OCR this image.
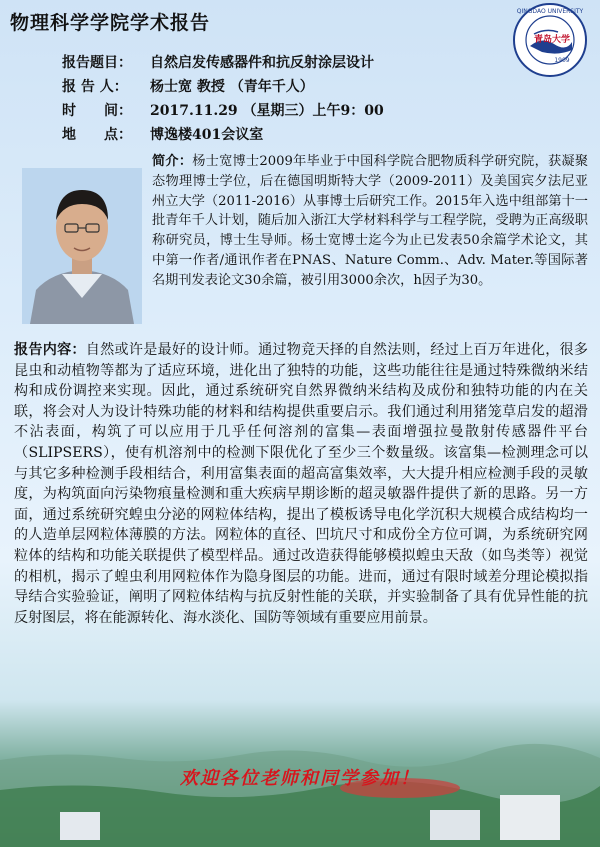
物理科学学院学术报告
QINGDAO UNIVERSITY
青岛大学
1909
报告题目： 自然启发传感器件和抗反射涂层设计
报 告 人： 杨士宽 教授 （青年千人）
时　　间： 2017.11.29 （星期三）上午9：00
地　　点： 博逸楼401会议室
简介：杨士宽博士2009年毕业于中国科学院合肥物质科学研究院，获凝聚态物理博士学位，后在德国明斯特大学（2009-2011）及美国宾夕法尼亚州立大学（2011-2016）从事博士后研究工作。2015年入选中组部第十一批青年千人计划，随后加入浙江大学材料科学与工程学院，受聘为正高级职称研究员，博士生导师。杨士宽博士迄今为止已发表50余篇学术论文，其中第一作者/通讯作者在PNAS、Nature Comm.、Adv. Mater.等国际著名期刊发表论文30余篇，被引用3000余次，h因子为30。
报告内容：自然或许是最好的设计师。通过物竞天择的自然法则，经过上百万年进化，很多昆虫和动植物等都为了适应环境，进化出了独特的功能，这些功能往往是通过特殊微纳米结构和成份调控来实现。因此，通过系统研究自然界微纳米结构及成份和独特功能的内在关联，将会对人为设计特殊功能的材料和结构提供重要启示。我们通过利用猪笼草启发的超滑不沾表面，构筑了可以应用于几乎任何溶剂的富集—表面增强拉曼散射传感器件平台（SLIPSERS），使有机溶剂中的检测下限优化了至少三个数量级。该富集—检测理念可以与其它多种检测手段相结合，利用富集表面的超高富集效率，大大提升相应检测手段的灵敏度，为构筑面向污染物痕量检测和重大疾病早期诊断的超灵敏器件提供了新的思路。另一方面，通过系统研究蝗虫分泌的网粒体结构，提出了模板诱导电化学沉积大规模合成结构均一的人造单层网粒体薄膜的方法。网粒体的直径、凹坑尺寸和成份全方位可调，为系统研究网粒体的结构和功能关联提供了模型样品。通过改造获得能够模拟蝗虫天敌（如鸟类等）视觉的相机，揭示了蝗虫利用网粒体作为隐身图层的功能。进而，通过有限时域差分理论模拟指导结合实验验证，阐明了网粒体结构与抗反射性能的关联，并实验制备了具有优异性能的抗反射图层，将在能源转化、海水淡化、国防等领域有重要应用前景。
欢迎各位老师和同学参加！
